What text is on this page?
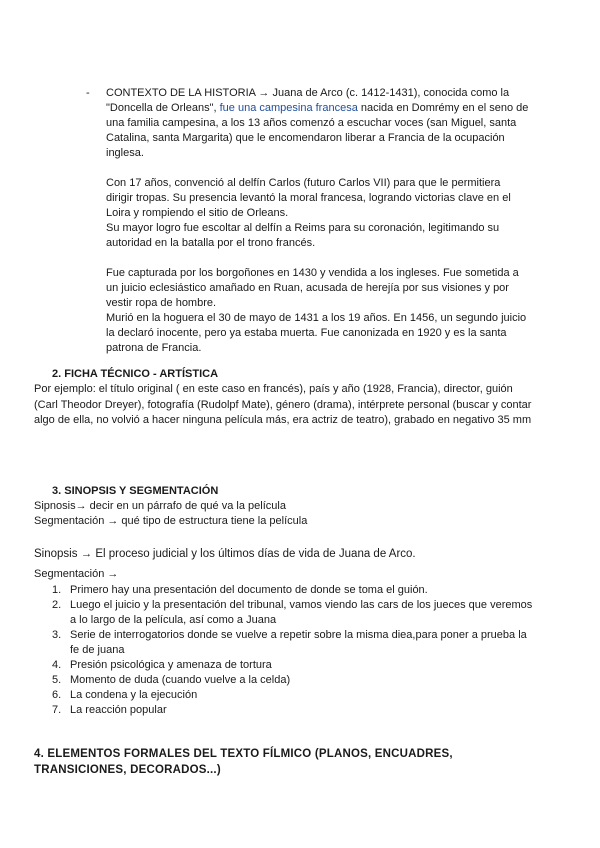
- CONTEXTO DE LA HISTORIA → Juana de Arco (c. 1412-1431), conocida como la "Doncella de Orleans", fue una campesina francesa nacida en Domrémy en el seno de una familia campesina, a los 13 años comenzó a escuchar voces (san Miguel, santa Catalina, santa Margarita) que le encomendaron liberar a Francia de la ocupación inglesa.
Con 17 años, convenció al delfín Carlos (futuro Carlos VII) para que le permitiera dirigir tropas. Su presencia levantó la moral francesa, logrando victorias clave en el Loira y rompiendo el sitio de Orleans.
Su mayor logro fue escoltar al delfín a Reims para su coronación, legitimando su autoridad en la batalla por el trono francés.
Fue capturada por los borgoñones en 1430 y vendida a los ingleses. Fue sometida a un juicio eclesiástico amañado en Ruan, acusada de herejía por sus visiones y por vestir ropa de hombre.
Murió en la hoguera el 30 de mayo de 1431 a los 19 años. En 1456, un segundo juicio la declaró inocente, pero ya estaba muerta. Fue canonizada en 1920 y es la santa patrona de Francia.
2. FICHA TÉCNICO - ARTÍSTICA
Por ejemplo: el título original ( en este caso en francés), país y año (1928, Francia), director, guión (Carl Theodor Dreyer), fotografía (Rudolpf Mate), género (drama), intérprete personal (buscar y contar algo de ella, no volvió a hacer ninguna película más, era actriz de teatro), grabado en negativo 35 mm
3. SINOPSIS Y SEGMENTACIÓN
Sipnosis→ decir en un párrafo de qué va la película
Segmentación → qué tipo de estructura tiene la película
Sinopsis → El proceso judicial y los últimos días de vida de Juana de Arco.
Segmentación →
1. Primero hay una presentación del documento de donde se toma el guión.
2. Luego el juicio y la presentación del tribunal, vamos viendo las cars de los jueces que veremos a lo largo de la película, así como a Juana
3. Serie de interrogatorios donde se vuelve a repetir sobre la misma diea,para poner a prueba la fe de juana
4. Presión psicológica y amenaza de tortura
5. Momento de duda (cuando vuelve a la celda)
6. La condena y la ejecución
7. La reacción popular
4. ELEMENTOS FORMALES DEL TEXTO FÍLMICO (PLANOS, ENCUADRES, TRANSICIONES, DECORADOS...)
